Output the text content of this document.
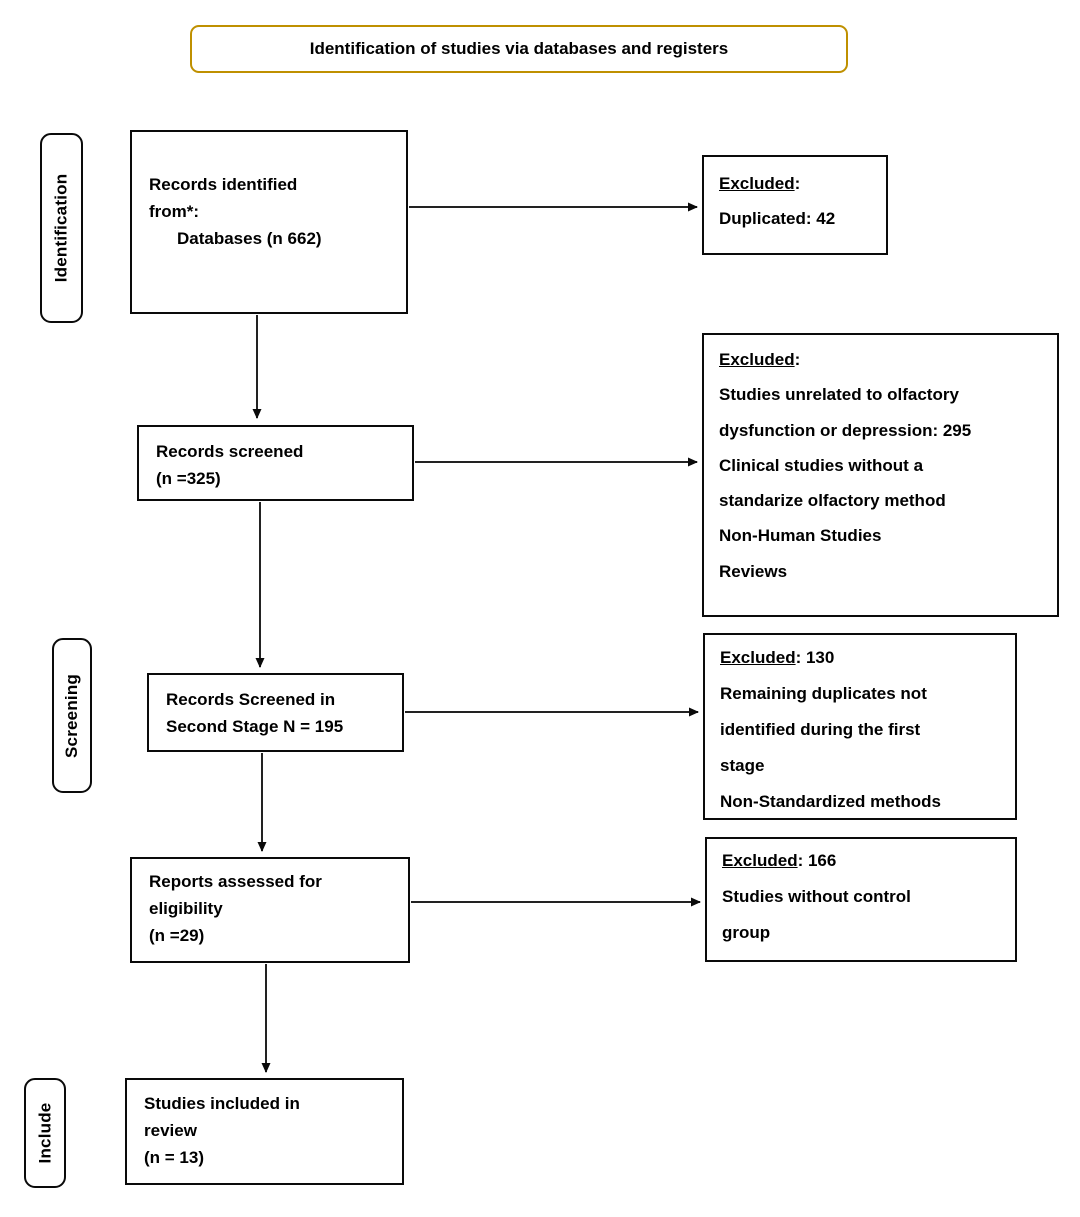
Identification of studies via databases and registers
Identification
Screening
Include
Records identified
from*:
Databases (n 662)
Records screened
(n =325)
Records Screened in
Second Stage N = 195
Reports assessed for
eligibility
(n =29)
Studies included in
review
(n = 13)
Excluded:
Duplicated: 42
Excluded:
Studies unrelated to olfactory
dysfunction or depression: 295
Clinical studies without a
standarize olfactory method
Non-Human Studies
Reviews
Excluded: 130
Remaining duplicates not
identified during the first
stage
Non-Standardized methods
Excluded: 166
Studies without control
group
